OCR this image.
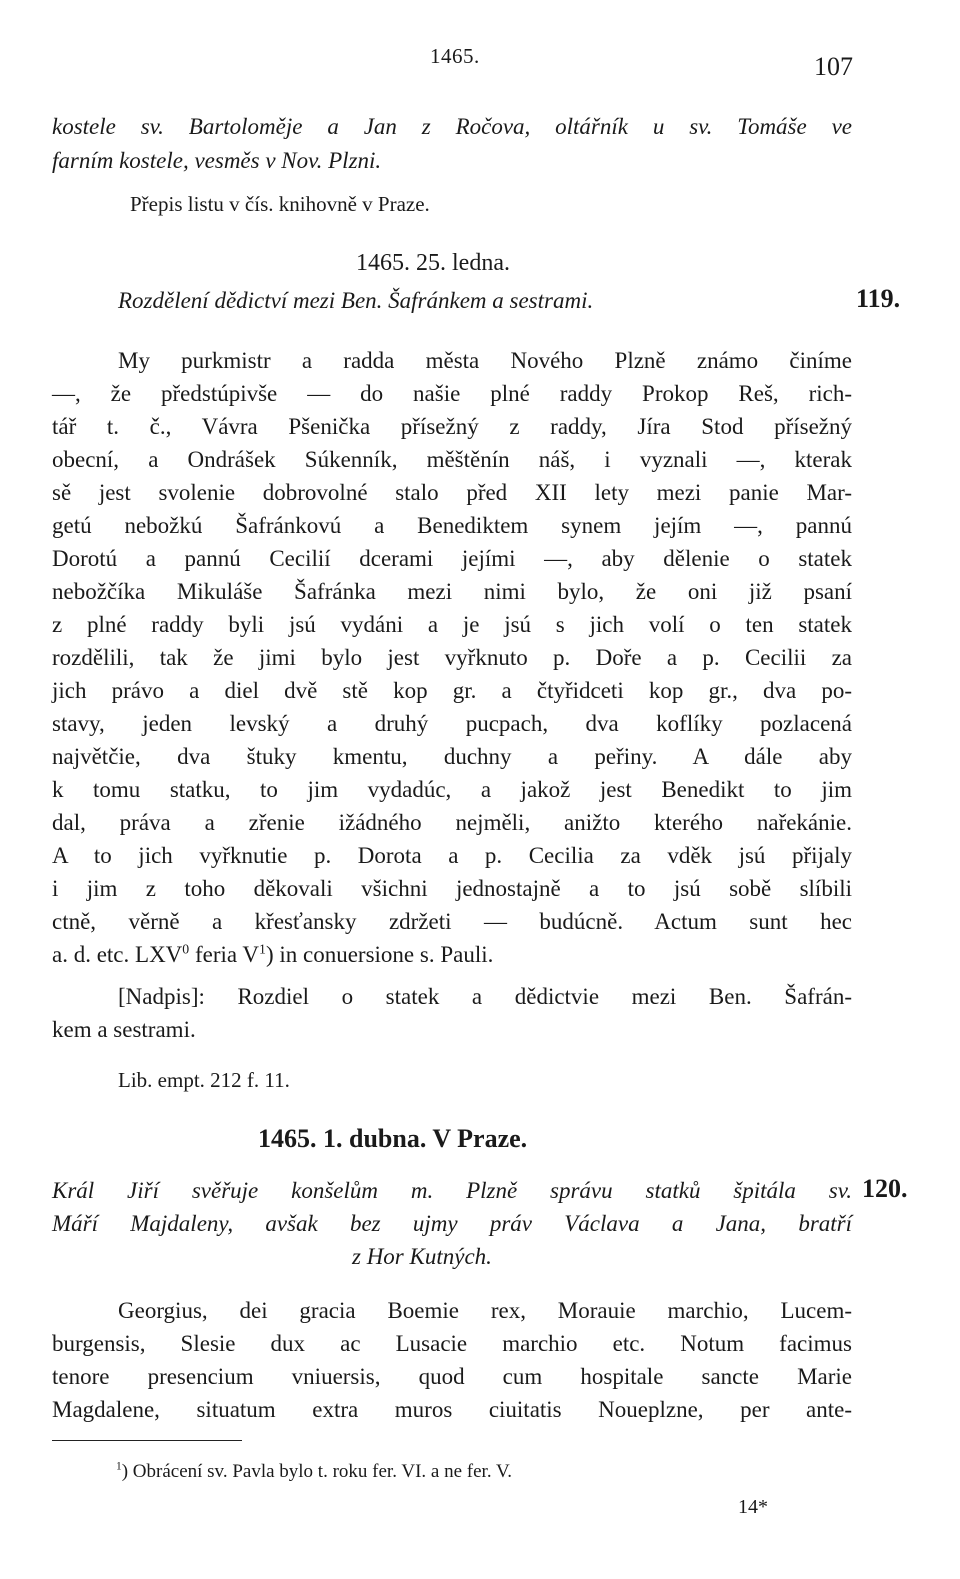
1465.	107
kostele sv. Bartoloměje a Jan z Ročova, oltářník u sv. Tomáše ve
farním kostele, vesměs v Nov. Plzni.
Přepis listu v čís. knihovně v Praze.
1465. 25. ledna.
Rozdělení dědictví mezi Ben. Šafránkem a sestrami.	119.
My purkmistr a radda města Nového Plzně známo činíme
—, že předstúpivše — do našie plné raddy Prokop Reš, rich-
tář t. č., Vávra Pšenička přísežný z raddy, Jíra Stod přísežný
obecní, a Ondrášek Súkenník, měštěnín náš, i vyznali —, kterak
sě jest svolenie dobrovolné stalo před XII lety mezi panie Mar-
getú nebožkú Šafránkovú a Benediktem synem jejím —, pannú
Dorotú a pannú Cecilií dcerami jejími —, aby dělenie o statek
nebožčíka Mikuláše Šafránka mezi nimi bylo, že oni již psaní
z plné raddy byli jsú vydáni a je jsú s jich volí o ten statek
rozdělili, tak že jimi bylo jest vyřknuto p. Doře a p. Cecilii za
jich právo a diel dvě stě kop gr. a čtyřidceti kop gr., dva po-
stavy, jeden levský a druhý pucpach, dva koflíky pozlacená
najvětčie, dva štuky kmentu, duchny a peřiny. A dále aby
k tomu statku, to jim vydadúc, a jakož jest Benedikt to jim
dal, práva a zřenie ižádného nejměli, anižto kterého nařekánie.
A to jich vyřknutie p. Dorota a p. Cecilia za vděk jsú přijaly
i jim z toho děkovali všichni jednostajně a to jsú sobě slíbili
ctně, věrně a křesťansky zdržeti — budúcně. Actum sunt hec
a. d. etc. LXV$^0$ feria $V^1$) in conuersione s. Pauli.
[Nadpis]: Rozdiel o statek a dědictvie mezi Ben. Šafrán-
kem a sestrami.
Lib. empt. 212 f. 11.
1465. 1. dubna. V Praze.
Král Jiří svěřuje konšelům m. Plzně správu statků špitála sv. 120.
Máří Majdaleny, avšak bez ujmy práv Václava a Jana, bratří
z Hor Kutných.
Georgius, dei gracia Boemie rex, Morauie marchio, Lucem-
burgensis, Slesie dux ac Lusacie marchio etc. Notum facimus
tenore presencium vniuersis, quod cum hospitale sancte Marie
Magdalene, situatum extra muros ciuitatis Noueplzne, per ante-
$^1$) Obrácení sv. Pavla bylo t. roku fer. VI. a ne fer. V.
14*
